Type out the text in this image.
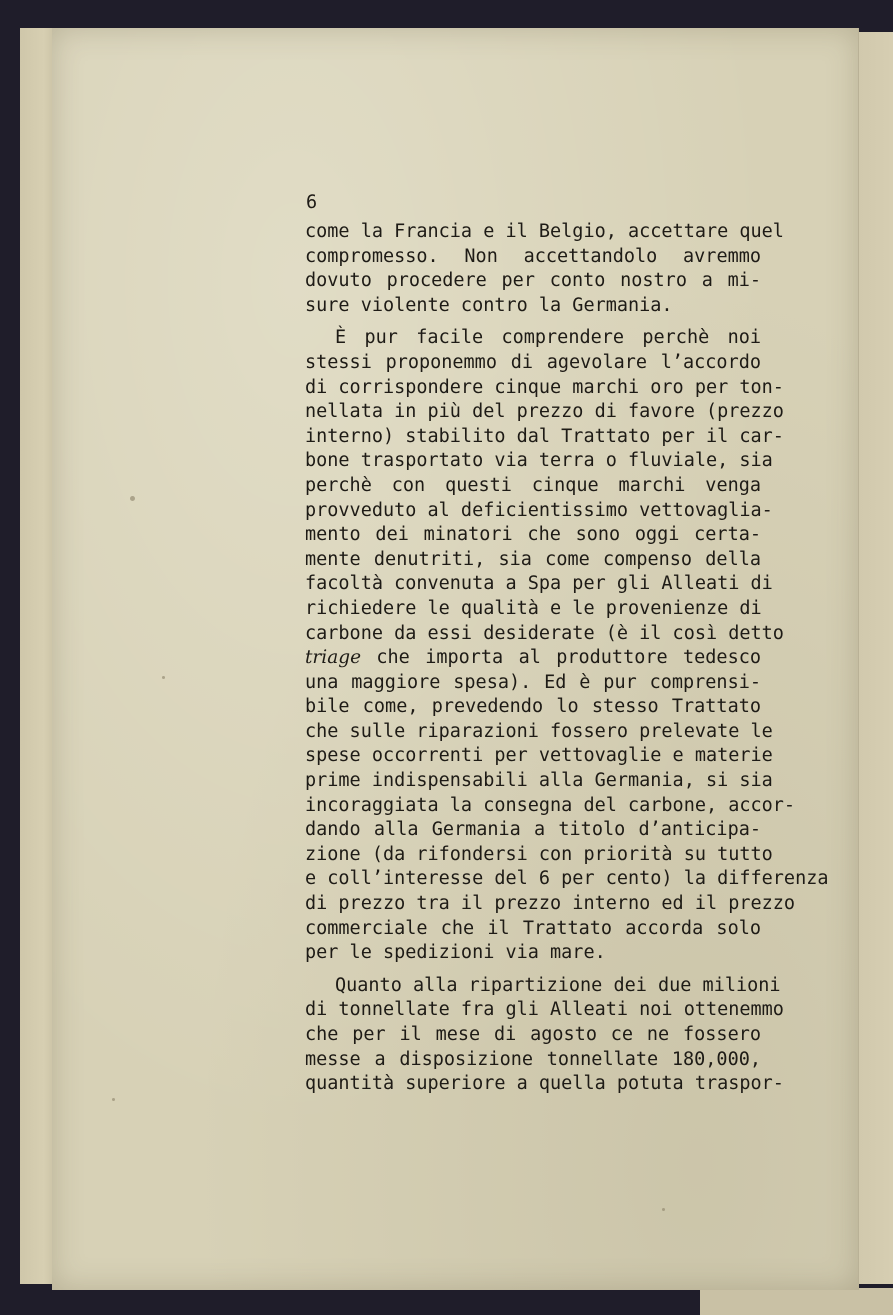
6
come la Francia e il Belgio, accettare quel
compromesso. Non accettandolo avremmo
dovuto procedere per conto nostro a mi-
sure violente contro la Germania.
È pur facile comprendere perchè noi
stessi proponemmo di agevolare l’accordo
di corrispondere cinque marchi oro per ton-
nellata in più del prezzo di favore (prezzo
interno) stabilito dal Trattato per il car-
bone trasportato via terra o fluviale, sia
perchè con questi cinque marchi venga
provveduto al deficientissimo vettovaglia-
mento dei minatori che sono oggi certa-
mente denutriti, sia come compenso della
facoltà convenuta a Spa per gli Alleati di
richiedere le qualità e le provenienze di
carbone da essi desiderate (è il così detto
triage che importa al produttore tedesco
una maggiore spesa). Ed è pur comprensi-
bile come, prevedendo lo stesso Trattato
che sulle riparazioni fossero prelevate le
spese occorrenti per vettovaglie e materie
prime indispensabili alla Germania, si sia
incoraggiata la consegna del carbone, accor-
dando alla Germania a titolo d’anticipa-
zione (da rifondersi con priorità su tutto
e coll’interesse del 6 per cento) la differenza
di prezzo tra il prezzo interno ed il prezzo
commerciale che il Trattato accorda solo
per le spedizioni via mare.
Quanto alla ripartizione dei due milioni
di tonnellate fra gli Alleati noi ottenemmo
che per il mese di agosto ce ne fossero
messe a disposizione tonnellate 180,000,
quantità superiore a quella potuta traspor-
